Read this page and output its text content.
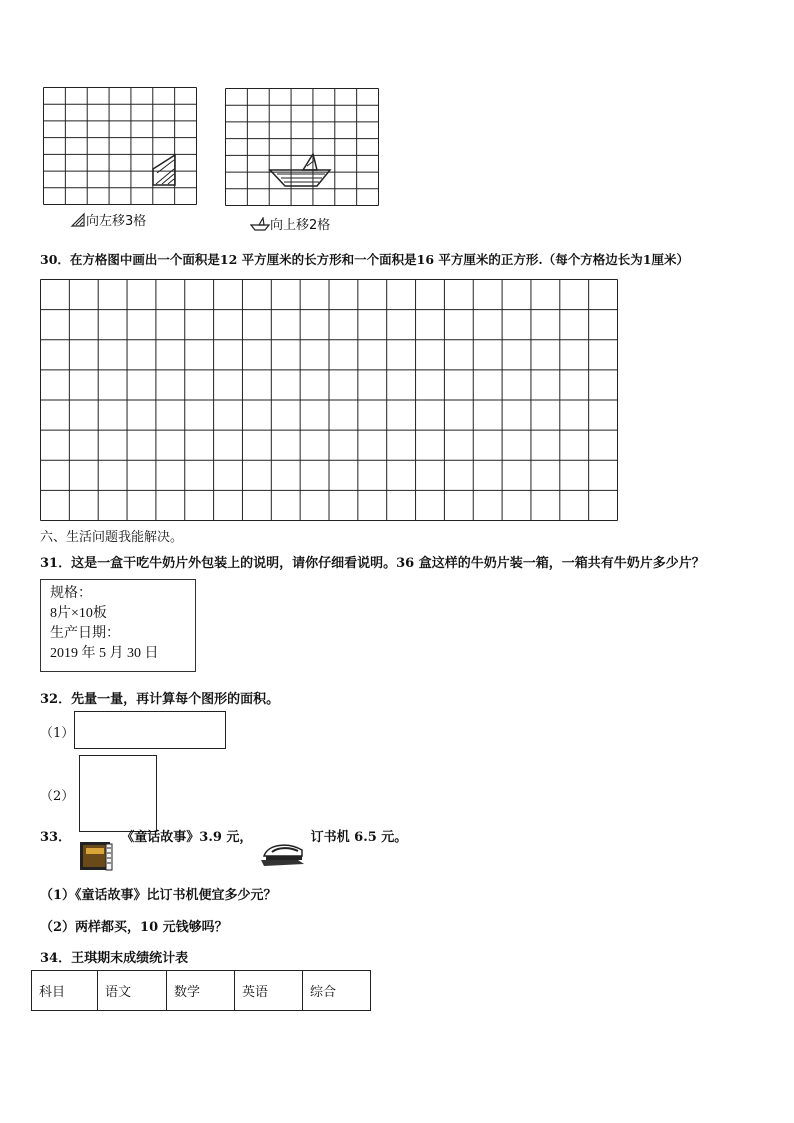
向左移3格	向上移2格
30．在方格图中画出一个面积是12 平方厘米的长方形和一个面积是16 平方厘米的正方形.（每个方格边长为1厘米）
六、生活问题我能解决。
31．这是一盒干吃牛奶片外包装上的说明，请你仔细看说明。36 盒这样的牛奶片装一箱，一箱共有牛奶片多少片？
规格：
8片×10板
生产日期：
2019 年 5 月 30 日
32．先量一量，再计算每个图形的面积。
（1）
（2）
$^{33.}$	$^{《童话故事》3.9 元,}$	$^{订书机 6.5 元。}$
（1）《童话故事》比订书机便宜多少元？
（2）两样都买，10 元钱够吗？
34．王琪期末成绩统计表
科目	语文	数学	英语	综合
